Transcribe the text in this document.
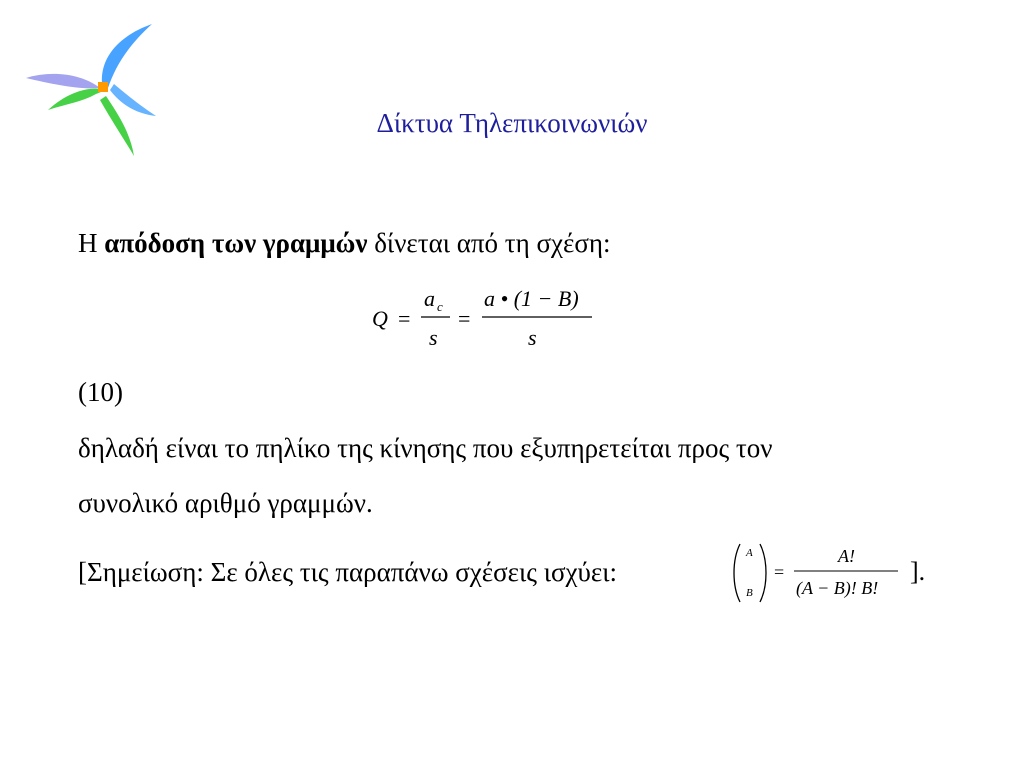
Δίκτυα Τηλεπικοινωνιών
Η απόδοση των γραμμών δίνεται από τη σχέση:
Q =
a c
s
=
a • (1 − B)
s
(10)
δηλαδή είναι το πηλίκο της κίνησης που εξυπηρετείται προς τον
συνολικό αριθμό γραμμών.
[Σημείωση: Σε όλες τις παραπάνω σχέσεις ισχύει:
A
B
=
A!
(A − B)! B!
].
